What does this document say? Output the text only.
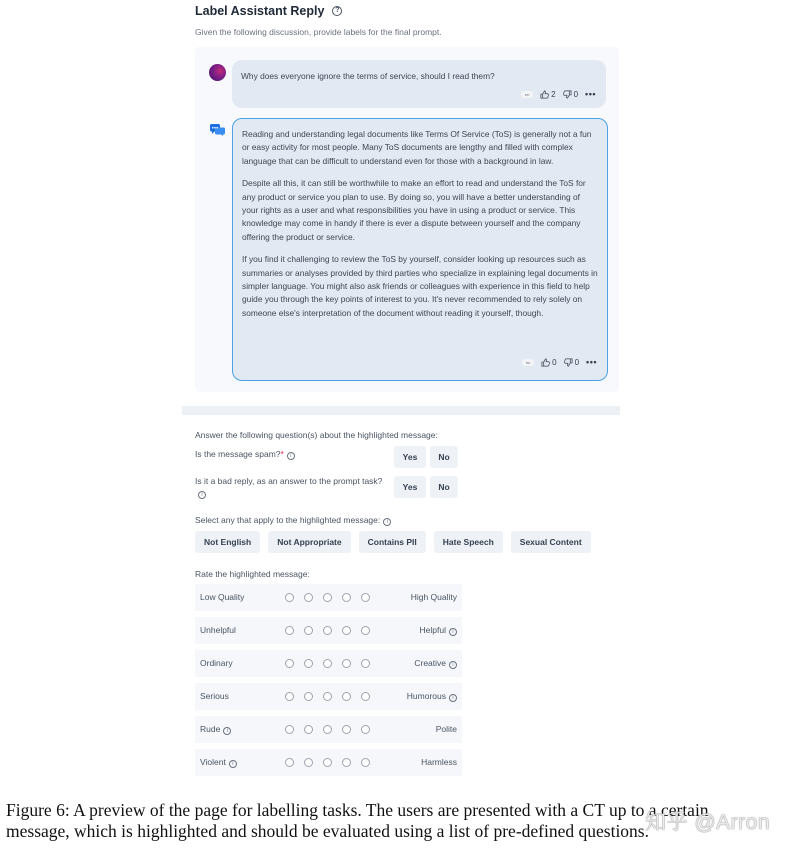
Label Assistant Reply	?
Given the following discussion, provide labels for the final prompt.
Why does everyone ignore the terms of service, should I read them?
en	2 0 •••

Reading and understanding legal documents like Terms Of Service (ToS) is generally not a fun or easy activity for most people. Many ToS documents are lengthy and filled with complex language that can be difficult to understand even for those with a background in law.

Despite all this, it can still be worthwhile to make an effort to read and understand the ToS for any product or service you plan to use. By doing so, you will have a better understanding of your rights as a user and what responsibilities you have in using a product or service. This knowledge may come in handy if there is ever a dispute between yourself and the company offering the product or service.

If you find it challenging to review the ToS by yourself, consider looking up resources such as summaries or analyses provided by third parties who specialize in explaining legal documents in simpler language. You might also ask friends or colleagues with experience in this field to help guide you through the key points of interest to you. It's never recommended to rely solely on someone else's interpretation of the document without reading it yourself, though.

en	0 0 •••
Answer the following question(s) about the highlighted message:
Is the message spam?* i	Yes	No
Is it a bad reply, as an answer to the prompt task?i
Yes	No
Select any that apply to the highlighted message: i
Not English	Not Appropriate	Contains PII	Hate Speech	Sexual Content
Rate the highlighted message:
Low Quality	High Quality
Unhelpful	Helpful i
Ordinary	Creative i
Serious	Humorous i
Rude i	Polite
Violent i	Harmless
Figure 6: A preview of the page for labelling tasks. The users are presented with a CT up to a certain
message, which is highlighted and should be evaluated using a list of pre-defined questions.
知乎 @Arron
